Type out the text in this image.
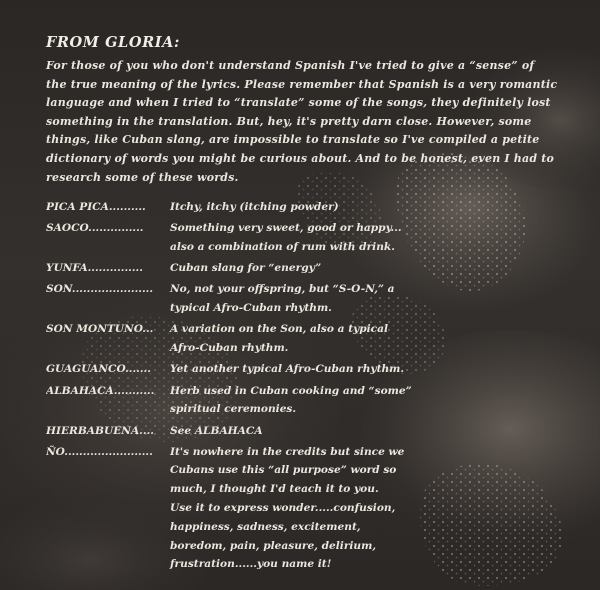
FROM GLORIA:

For those of you who don't understand Spanish I've tried to give a “sense” of
the true meaning of the lyrics. Please remember that Spanish is a very romantic
language and when I tried to “translate” some of the songs, they definitely lost
something in the translation. But, hey, it's pretty darn close. However, some
things, like Cuban slang, are impossible to translate so I've compiled a petite
dictionary of words you might be curious about. And to be honest, even I had to
research some of these words.

PICA PICA..........	Itchy, itchy (itching powder)
SAOCO...............	Something very sweet, good or happy...
also a combination of rum with drink.
YUNFA...............	Cuban slang for “energy”
SON......................	No, not your offspring, but “S-O-N,” a
typical Afro-Cuban rhythm.
SON MONTUNO...	A variation on the Son, also a typical
Afro-Cuban rhythm.
GUAGUANCO.......	Yet another typical Afro-Cuban rhythm.
ALBAHACA...........	Herb used in Cuban cooking and “some”
spiritual ceremonies.
HIERBABUENA....	See ALBAHACA
ÑO........................	It's nowhere in the credits but since we
Cubans use this “all purpose” word so
much, I thought I'd teach it to you.
Use it to express wonder.....confusion,
happiness, sadness, excitement,
boredom, pain, pleasure, delirium,
frustration......you name it!
